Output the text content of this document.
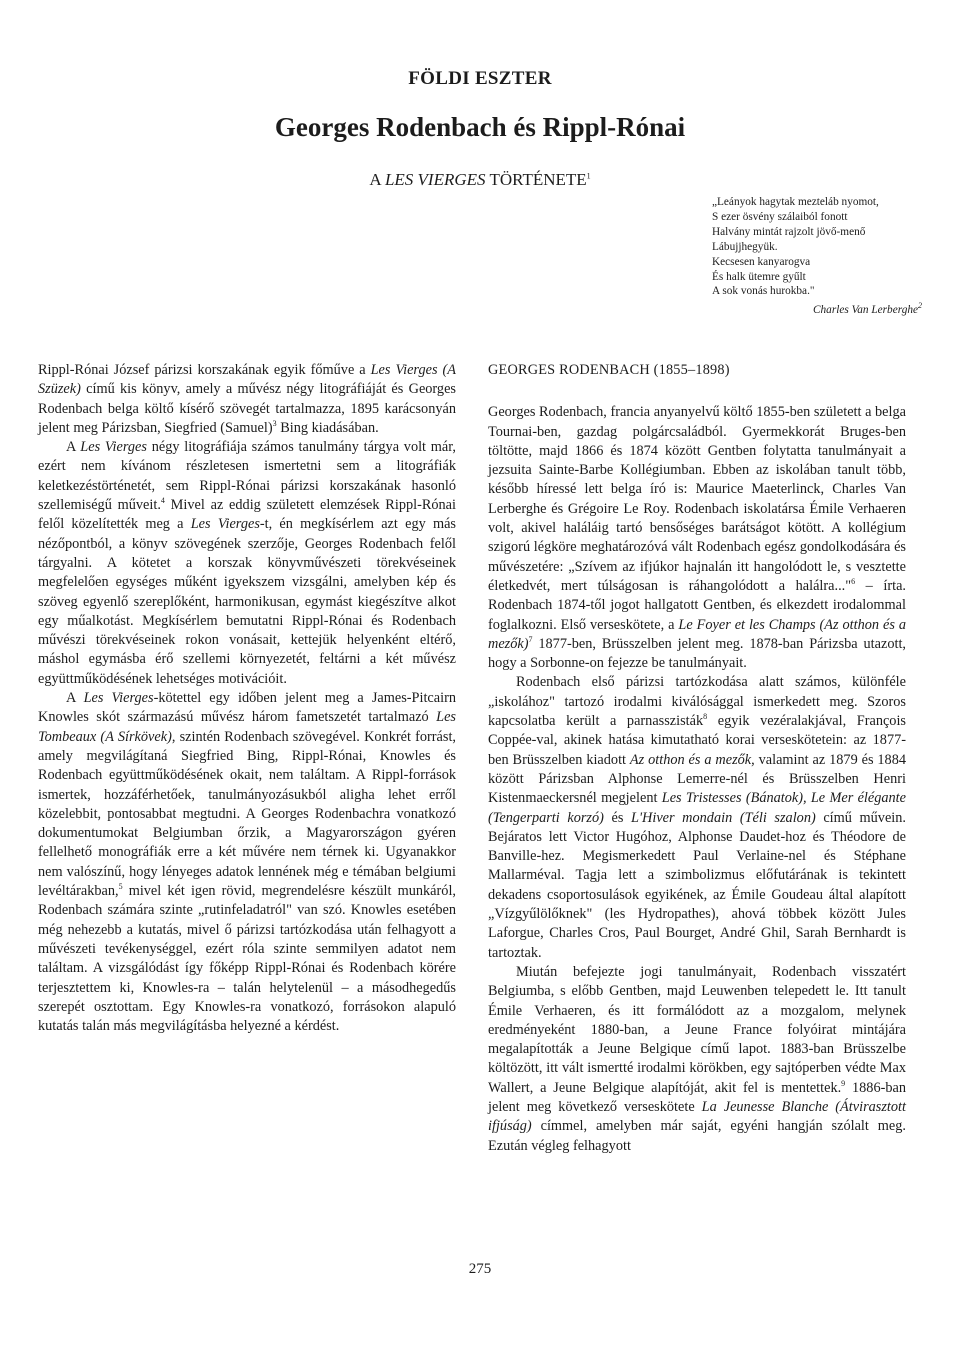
FÖLDI ESZTER
Georges Rodenbach és Rippl-Rónai
A LES VIERGES TÖRTÉNETE$^1$
„Leányok hagytak mezteláb nyomot,
S ezer ösvény szálaiból fonott
Halvány mintát rajzolt jövő-menő
Lábujjhegyük.
Kecsesen kanyarogva
És halk ütemre gyűlt
A sok vonás hurokba."
Charles Van Lerberghe$^2$

Rippl-Rónai József párizsi korszakának egyik főműve a Les Vierges (A Szüzek) című kis könyv, amely a művész négy litográfiáját és Georges Rodenbach belga költő kísérő szövegét tartalmazza, 1895 karácsonyán jelent meg Párizsban, Siegfried (Samuel)$^3$ Bing kiadásában.

A Les Vierges négy litográfiája számos tanulmány tárgya volt már, ezért nem kívánom részletesen ismertetni sem a litográfiák keletkezéstörténetét, sem Rippl-Rónai párizsi korszakának hasonló szellemiségű műveit.$^4$ Mivel az eddig született elemzések Rippl-Rónai felől közelítették meg a Les Vierges-t, én megkísérlem azt egy más nézőpontból, a könyv szövegének szerzője, Georges Rodenbach felől tárgyalni. A kötetet a korszak könyvművészeti törekvéseinek megfelelően egységes műként igyekszem vizsgálni, amelyben kép és szöveg egyenlő szereplőként, harmonikusan, egymást kiegészítve alkot egy műalkotást. Megkísérlem bemutatni Rippl-Rónai és Rodenbach művészi törekvéseinek rokon vonásait, kettejük helyenként eltérő, máshol egymásba érő szellemi környezetét, feltárni a két művész együttműködésének lehetséges motivációit.

A Les Vierges-kötettel egy időben jelent meg a James-Pitcairn Knowles skót származású művész három fametszetét tartalmazó Les Tombeaux (A Sírkövek), szintén Rodenbach szövegével. Konkrét forrást, amely megvilágítaná Siegfried Bing, Rippl-Rónai, Knowles és Rodenbach együttműködésének okait, nem találtam. A Rippl-források ismertek, hozzáférhetőek, tanulmányozásukból aligha lehet erről közelebbit, pontosabbat megtudni. A Georges Rodenbachra vonatkozó dokumentumokat Belgiumban őrzik, a Magyarországon gyéren fellelhető monográfiák erre a két művére nem térnek ki. Ugyanakkor nem valószínű, hogy lényeges adatok lennének még e témában belgiumi levéltárakban,$^5$ mivel két igen rövid, megrendelésre készült munkáról, Rodenbach számára szinte „rutinfeladatról" van szó. Knowles esetében még nehezebb a kutatás, mivel ő párizsi tartózkodása után felhagyott a művészeti tevékenységgel, ezért róla szinte semmilyen adatot nem találtam. A vizsgálódást így főképp Rippl-Rónai és Rodenbach körére terjesztettem ki, Knowles-ra – talán helytelenül – a másodhegedűs szerepét osztottam. Egy Knowles-ra vonatkozó, forrásokon alapuló kutatás talán más megvilágításba helyezné a kérdést.

GEORGES RODENBACH (1855–1898)

Georges Rodenbach, francia anyanyelvű költő 1855-ben született a belga Tournai-ben, gazdag polgárcsaládból. Gyermekkorát Bruges-ben töltötte, majd 1866 és 1874 között Gentben folytatta tanulmányait a jezsuita Sainte-Barbe Kollégiumban. Ebben az iskolában tanult több, később híressé lett belga író is: Maurice Maeterlinck, Charles Van Lerberghe és Grégoire Le Roy. Rodenbach iskolatársa Émile Verhaeren volt, akivel haláláig tartó bensőséges barátságot kötött. A kollégium szigorú légköre meghatározóvá vált Rodenbach egész gondolkodására és művészetére: „Szívem az ifjúkor hajnalán itt hangolódott le, s vesztette életkedvét, mert túlságosan is ráhangolódott a halálra..."$^6$ – írta. Rodenbach 1874-től jogot hallgatott Gentben, és elkezdett irodalommal foglalkozni. Első verseskötete, a Le Foyer et les Champs (Az otthon és a mezők)$^7$ 1877-ben, Brüsszelben jelent meg. 1878-ban Párizsba utazott, hogy a Sorbonne-on fejezze be tanulmányait.

Rodenbach első párizsi tartózkodása alatt számos, különféle „iskolához" tartozó irodalmi kiválósággal ismerkedett meg. Szoros kapcsolatba került a parnasszisták$^8$ egyik vezéralakjával, François Coppée-val, akinek hatása kimutatható korai verseskötetein: az 1877-ben Brüsszelben kiadott Az otthon és a mezők, valamint az 1879 és 1884 között Párizsban Alphonse Lemerre-nél és Brüsszelben Henri Kistenmaeckersnél megjelent Les Tristesses (Bánatok), Le Mer élégante (Tengerparti korzó) és L'Hiver mondain (Téli szalon) című művein. Bejáratos lett Victor Hugóhoz, Alphonse Daudet-hoz és Théodore de Banville-hez. Megismerkedett Paul Verlaine-nel és Stéphane Mallarméval. Tagja lett a szimbolizmus előfutárának is tekintett dekadens csoportosulások egyikének, az Émile Goudeau által alapított „Vízgyűlölőknek" (les Hydropathes), ahová többek között Jules Laforgue, Charles Cros, Paul Bourget, André Ghil, Sarah Bernhardt is tartoztak.

Miután befejezte jogi tanulmányait, Rodenbach visszatért Belgiumba, s előbb Gentben, majd Leuwenben telepedett le. Itt tanult Émile Verhaeren, és itt formálódott az a mozgalom, melynek eredményeként 1880-ban, a Jeune France folyóirat mintájára megalapították a Jeune Belgique című lapot. 1883-ban Brüsszelbe költözött, itt vált ismertté irodalmi körökben, egy sajtóperben védte Max Wallert, a Jeune Belgique alapítóját, akit fel is mentettek.$^9$ 1886-ban jelent meg következő verseskötete La Jeunesse Blanche (Átvirasztott ifjúság) címmel, amelyben már saját, egyéni hangján szólalt meg. Ezután végleg felhagyott

275
